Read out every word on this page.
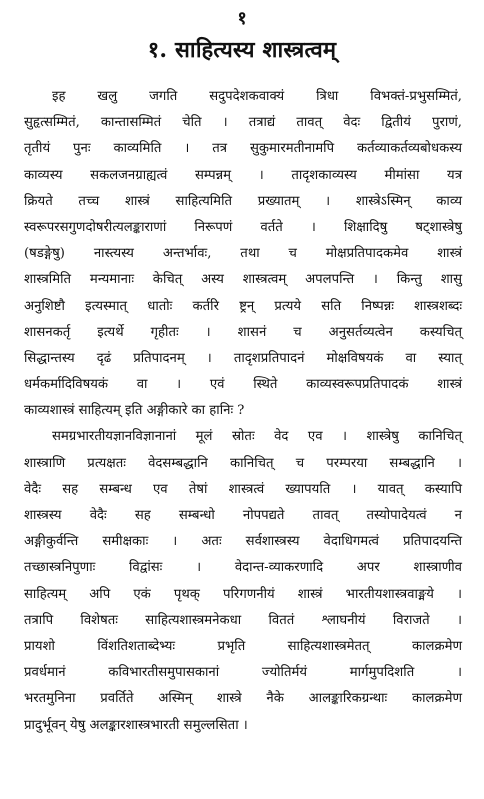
१
१. साहित्यस्य शास्त्रत्वम्
इह खलु जगति सदुपदेशकवाक्यं त्रिधा विभक्तं-प्रभुसम्मितं,
सुहृत्सम्मितं, कान्तासम्मितं चेति । तत्राद्यं तावत् वेदः द्वितीयं पुराणं,
तृतीयं पुनः काव्यमिति । तत्र सुकुमारमतीनामपि कर्तव्याकर्तव्यबोधकस्य
काव्यस्य सकलजनग्राह्यत्वं सम्पन्नम् । तादृशकाव्यस्य मीमांसा यत्र
क्रियते तच्च शास्त्रं साहित्यमिति प्रख्यातम् । शास्त्रेऽस्मिन् काव्य
स्वरूपरसगुणदोषरीत्यलङ्काराणां निरूपणं वर्तते । शिक्षादिषु षट्शास्त्रेषु
(षडङ्गेषु) नास्त्यस्य अन्तर्भावः, तथा च मोक्षप्रतिपादकमेव शास्त्रं
शास्त्रमिति मन्यमानाः केचित् अस्य शास्त्रत्वम् अपलपन्ति । किन्तु शासु
अनुशिष्टौ इत्यस्मात् धातोः कर्तरि ष्ट्रन् प्रत्यये सति निष्पन्नः शास्त्रशब्दः
शासनकर्तृ इत्यर्थे गृहीतः । शासनं च अनुसर्तव्यत्वेन कस्यचित्
सिद्धान्तस्य दृढं प्रतिपादनम् । तादृशप्रतिपादनं मोक्षविषयकं वा स्यात्
धर्मकर्मादिविषयकं वा । एवं स्थिते काव्यस्वरूपप्रतिपादकं शास्त्रं
काव्यशास्त्रं साहित्यम् इति अङ्गीकारे का हानिः ?
समग्रभारतीयज्ञानविज्ञानानां मूलं स्रोतः वेद एव । शास्त्रेषु कानिचित्
शास्त्राणि प्रत्यक्षतः वेदसम्बद्धानि कानिचित् च परम्परया सम्बद्धानि ।
वेदैः सह सम्बन्ध एव तेषां शास्त्रत्वं ख्यापयति । यावत् कस्यापि
शास्त्रस्य वेदैः सह सम्बन्धो नोपपद्यते तावत् तस्योपादेयत्वं न
अङ्गीकुर्वन्ति समीक्षकाः । अतः सर्वशास्त्रस्य वेदाधिगमत्वं प्रतिपादयन्ति
तच्छास्त्रनिपुणाः विद्वांसः । वेदान्त-व्याकरणादि अपर शास्त्राणीव
साहित्यम् अपि एकं पृथक् परिगणनीयं शास्त्रं भारतीयशास्त्रवाङ्मये ।
तत्रापि विशेषतः साहित्यशास्त्रमनेकधा विततं श्लाघनीयं विराजते ।
प्रायशो विंशतिशताब्देभ्यः प्रभृति साहित्यशास्त्रमेतत् कालक्रमेण
प्रवर्धमानं कविभारतीसमुपासकानां ज्योतिर्मयं मार्गमुपदिशति ।
भरतमुनिना प्रवर्तिते अस्मिन् शास्त्रे नैके आलङ्कारिकग्रन्थाः कालक्रमेण
प्रादुर्भूवन् येषु अलङ्कारशास्त्रभारती समुल्लसिता ।
